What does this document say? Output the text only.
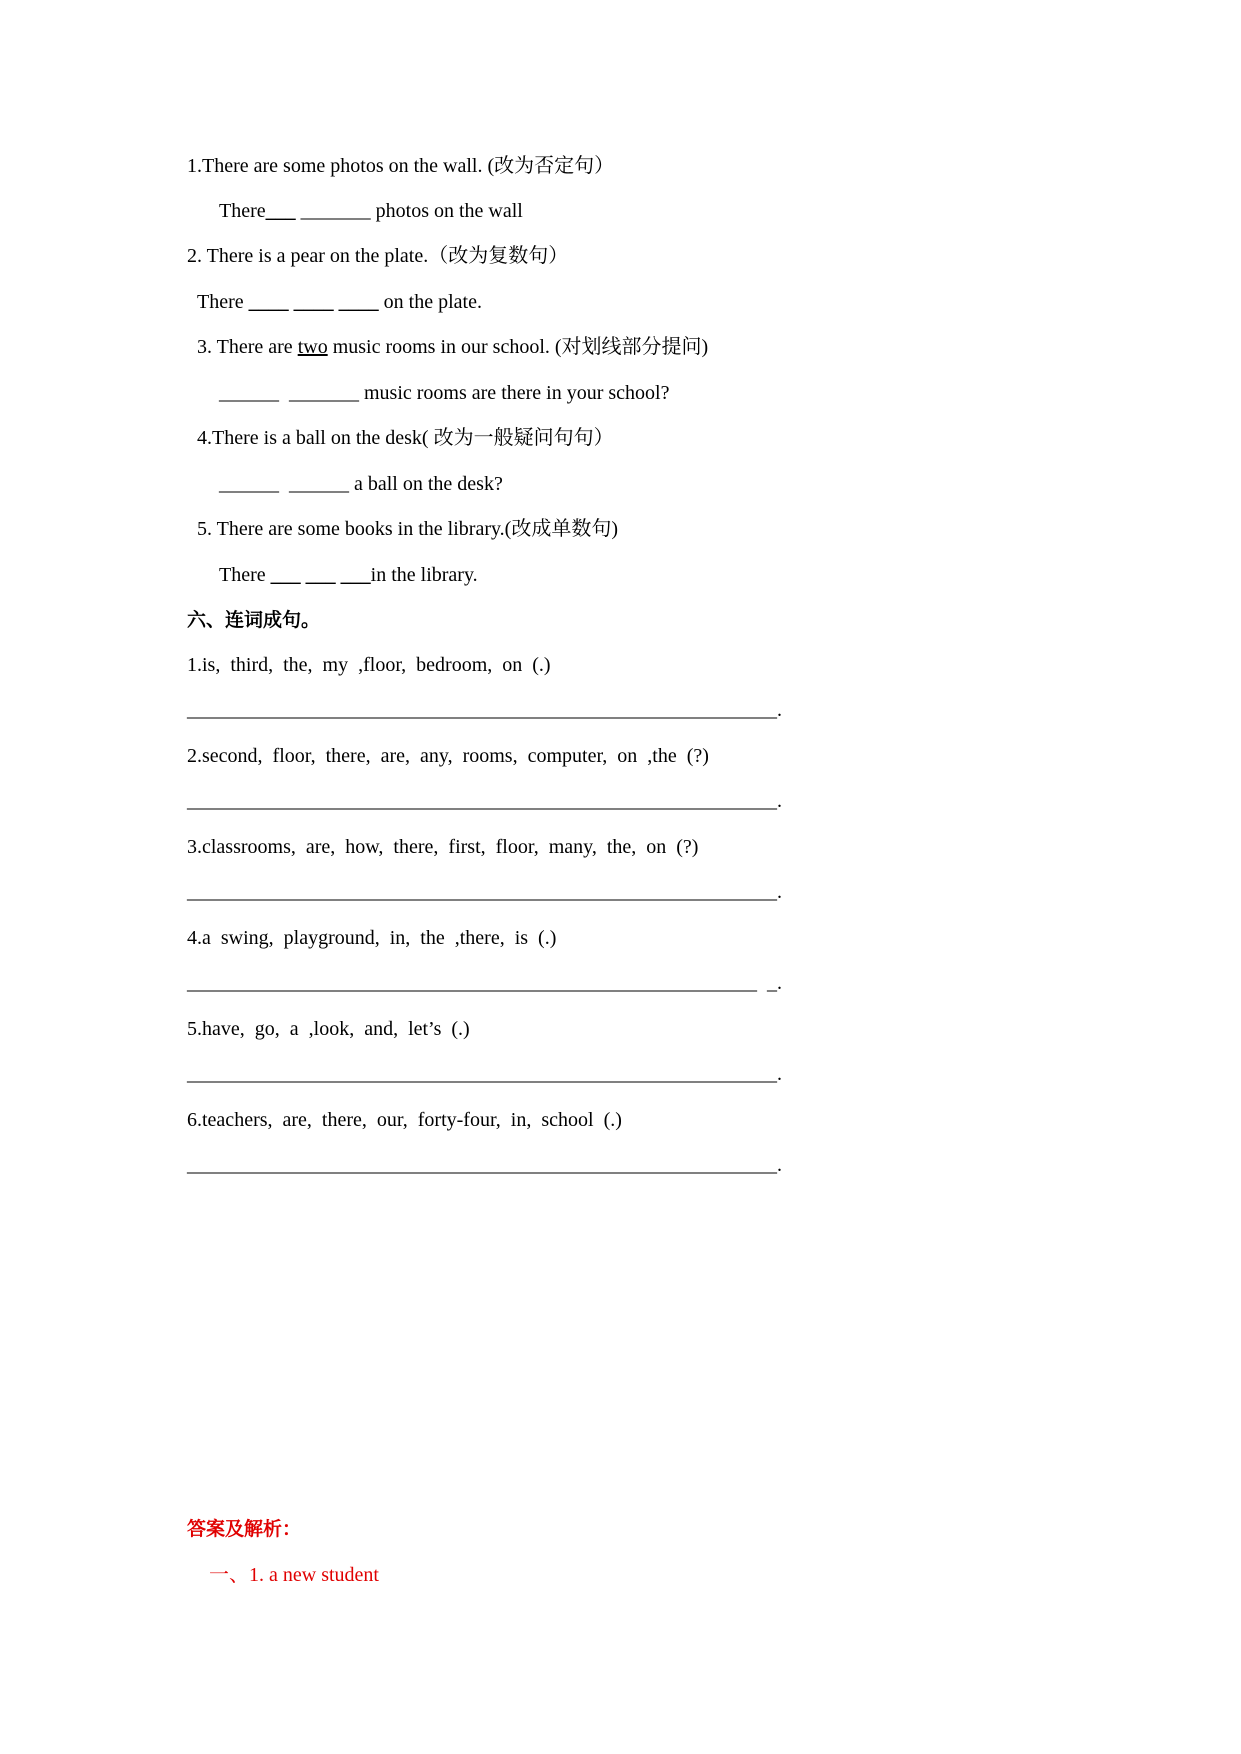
1.There are some photos on the wall. (改为否定句）
There___ _______ photos on the wall
2. There is a pear on the plate.（改为复数句）
There ____ ____ ____ on the plate.
3. There are two music rooms in our school. (对划线部分提问)
______  _______ music rooms are there in your school?
4.There is a ball on the desk( 改为一般疑问句句）
______  ______ a ball on the desk?
5. There are some books in the library.(改成单数句)
There ___ ___ ___in the library.
六、连词成句。
1.is,  third,  the,  my  ,floor,  bedroom,  on  (.)
___________________________________________________________.
2.second,  floor,  there,  are,  any,  rooms,  computer,  on  ,the  (?)
___________________________________________________________.
3.classrooms,  are,  how,  there,  first,  floor,  many,  the,  on  (?)
___________________________________________________________.
4.a  swing,  playground,  in,  the  ,there,  is  (.)
_________________________________________________________  _.
5.have,  go,  a  ,look,  and,  let’s  (.)
___________________________________________________________.
6.teachers,  are,  there,  our,  forty-four,  in,  school  (.)
___________________________________________________________.
答案及解析：
一、1. a new student
